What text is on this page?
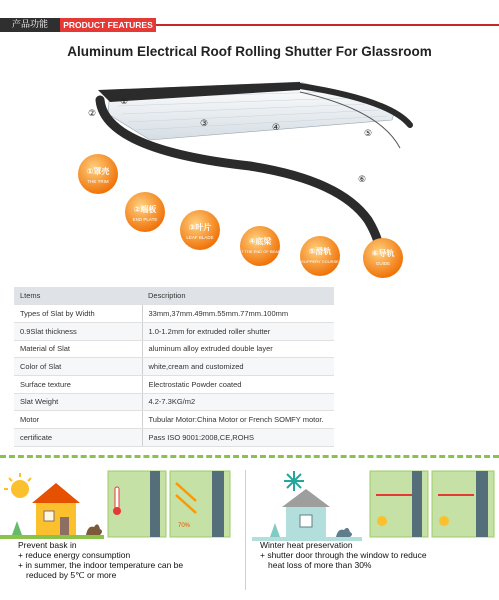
产品功能	PRODUCT FEATURES
Aluminum Electrical Roof Rolling Shutter For Glassroom
①
②
③	④
⑤
⑥
①罩壳
THE TRIM
②端板
END PLATE
③叶片
LEAF BLADE	④底梁
AT THE END OF BEAM	⑤滑轨
SLIPPERY COURSE
⑥导轨
GUIDE
Ltems	Description
Types of Slat by Width	33mm,37mm.49mm.55mm.77mm.100mm
0.9Slat thickness	1.0-1.2mm for extruded roller shutter
Material of Slat	aluminum alloy extruded double layer
Color of Slat	white,cream and customized
Surface texture	Electrostatic Powder coated
Slat Weight	4.2-7.3KG/m2
Motor	Tubular Motor:China Motor or French SOMFY motor.
certificate	Pass ISO 9001:2008,CE,ROHS
70%
Prevent bask in
+ reduce energy consumption
+ in summer, the indoor temperature can be
reduced by 5℃ or more
Winter heat preservation
+ shutter door through the window to reduce
heat loss of more than 30%
